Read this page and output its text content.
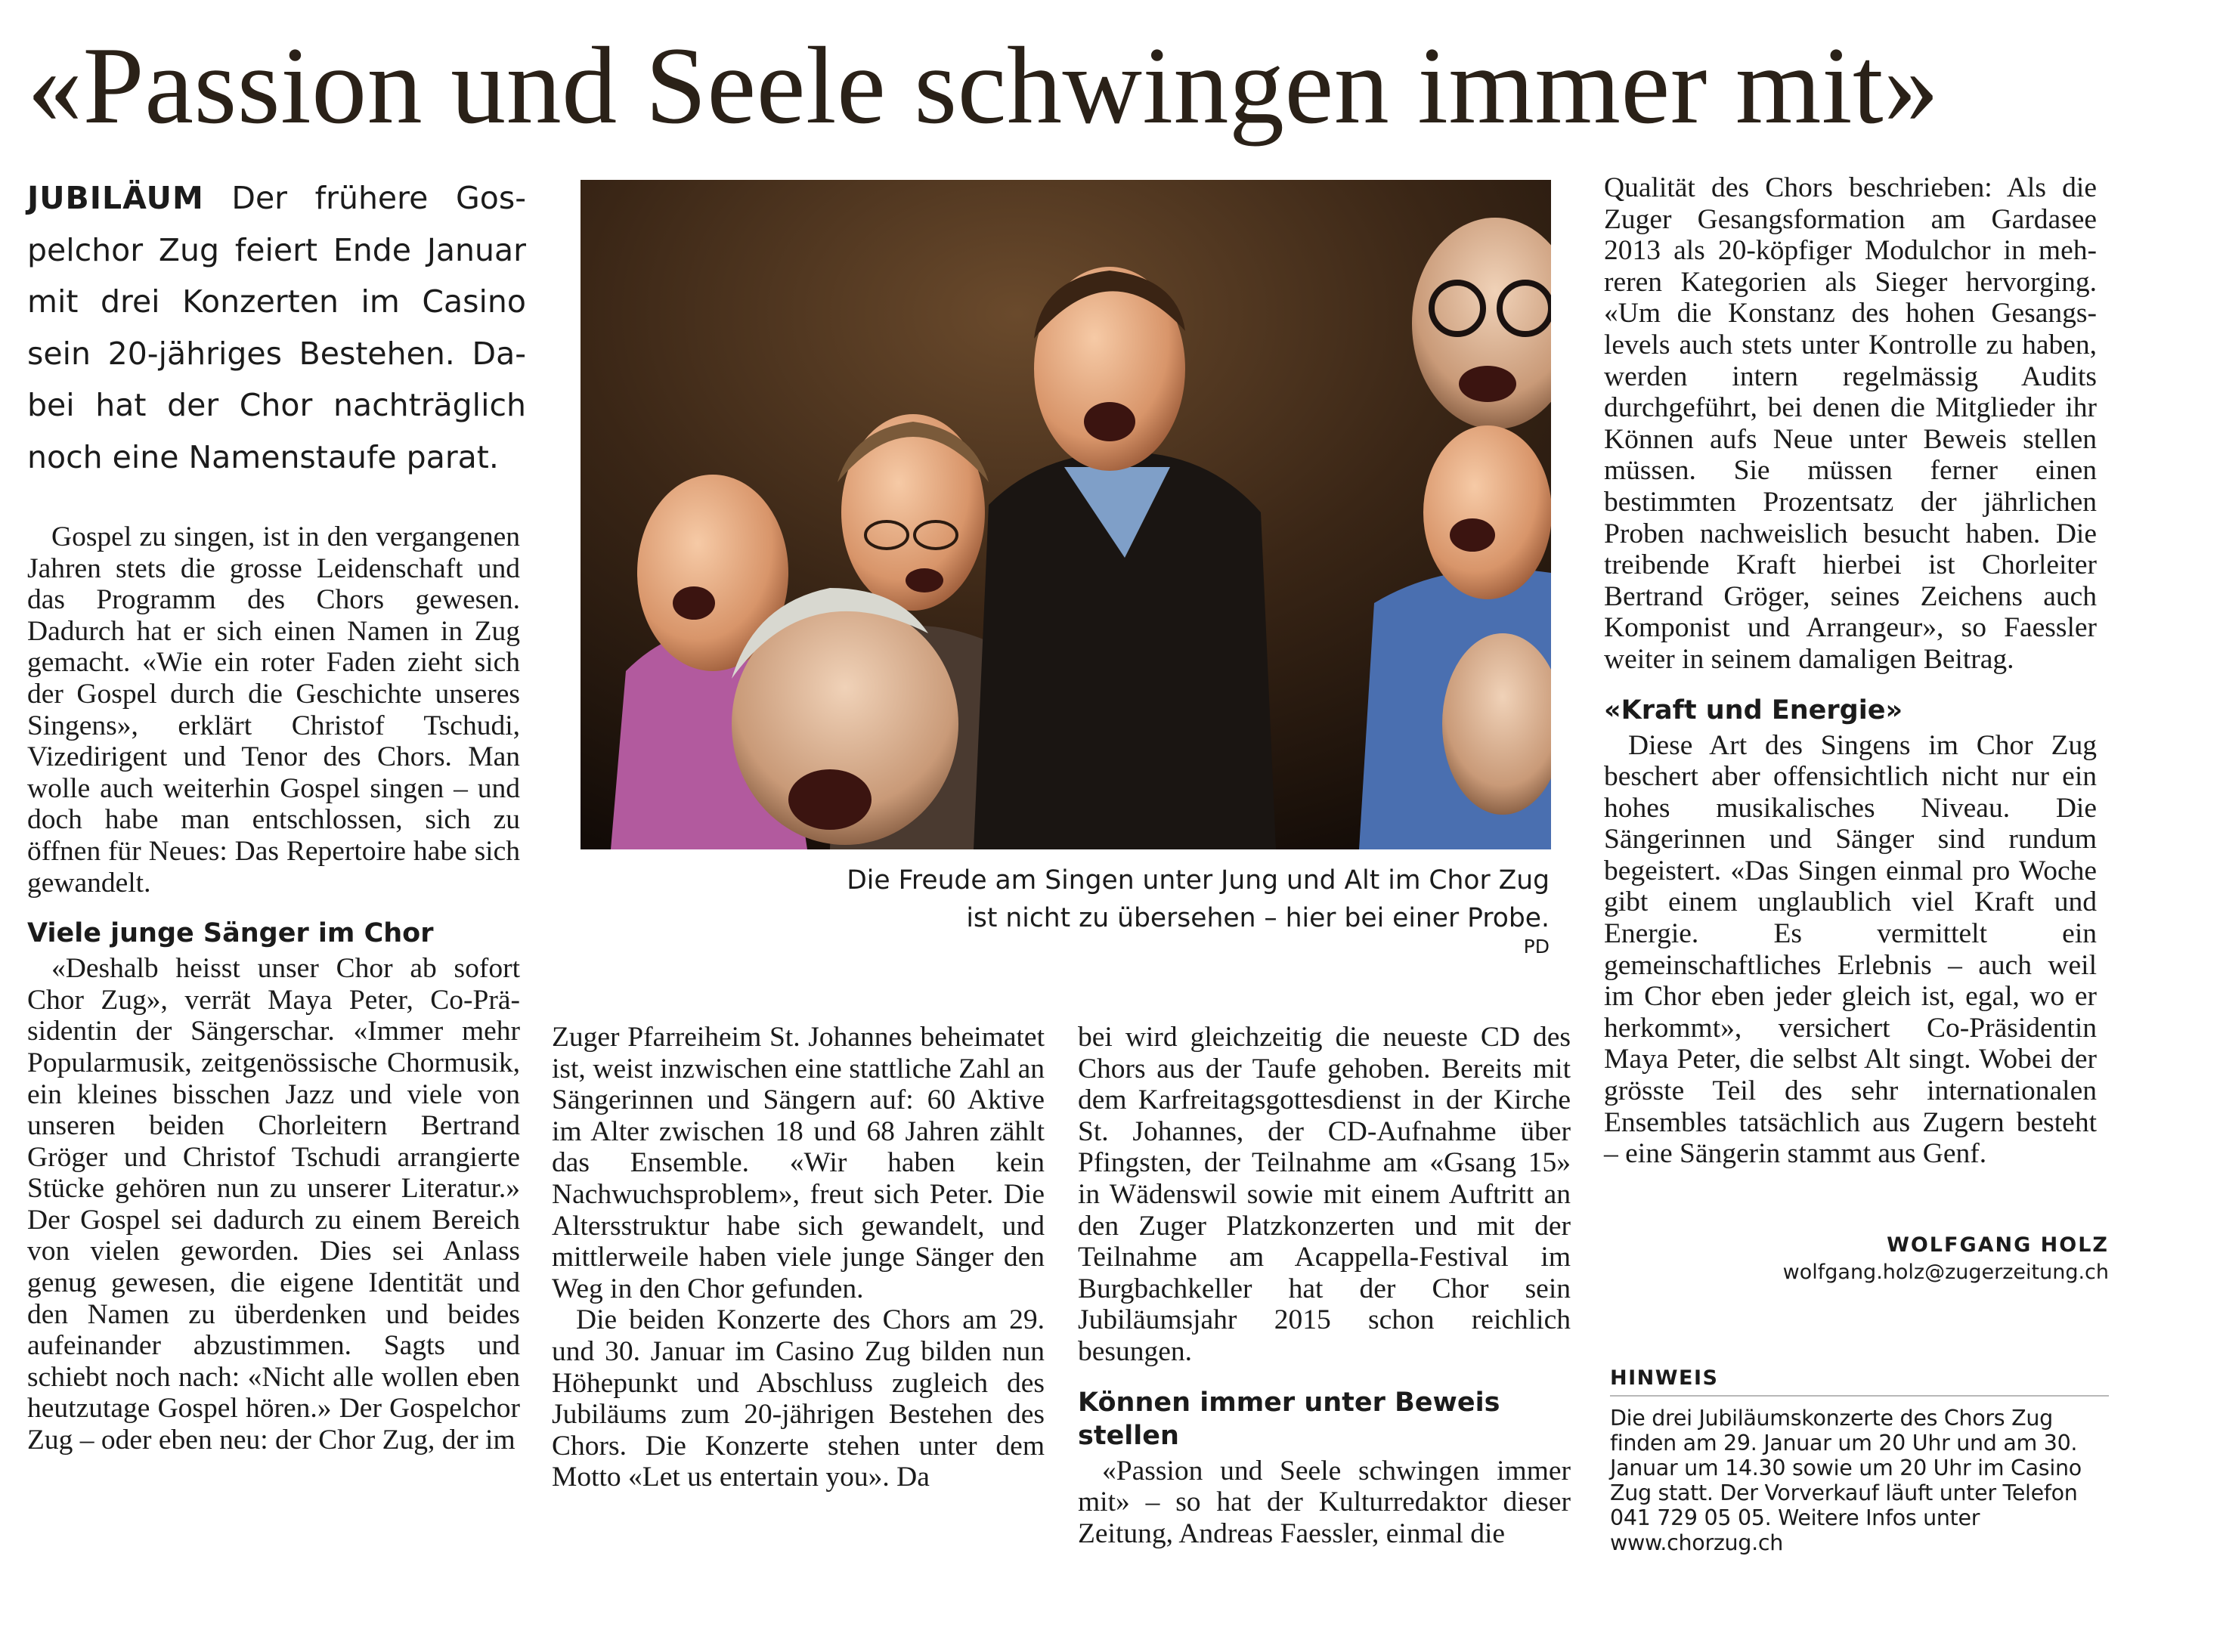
«Passion und Seele schwingen immer mit»
JUBILÄUM Der frühere Gospelchor Zug feiert Ende Januar mit drei Konzerten im Casino sein 20-jähriges Bestehen. Dabei hat der Chor nachträglich noch eine Namenstaufe parat.

Gospel zu singen, ist in den vergangenen Jahren stets die grosse Leidenschaft und das Programm des Chors gewesen. Dadurch hat er sich einen Namen in Zug gemacht. «Wie ein roter Faden zieht sich der Gospel durch die Geschichte unseres Singens», erklärt Christof Tschudi, Vizedirigent und Tenor des Chors. Man wolle auch weiterhin Gospel singen – und doch habe man entschlossen, sich zu öffnen für Neues: Das Repertoire habe sich gewandelt.

Viele junge Sänger im Chor

«Deshalb heisst unser Chor ab sofort Chor Zug», verrät Maya Peter, Co-Präsidentin der Sängerschar. «Immer mehr Popularmusik, zeitgenössische Chormusik, ein kleines bisschen Jazz und viele von unseren beiden Chorleitern Bertrand Gröger und Christof Tschudi arrangierte Stücke gehören nun zu unserer Literatur.» Der Gospel sei dadurch zu einem Bereich von vielen geworden. Dies sei Anlass genug gewesen, die eigene Identität und den Namen zu überdenken und beides aufeinander abzustimmen. Sagts und schiebt noch nach: «Nicht alle wollen eben heutzutage Gospel hören.» Der Gospelchor Zug – oder eben neu: der Chor Zug, der im

Die Freude am Singen unter Jung und Alt im Chor Zug ist nicht zu übersehen – hier bei einer Probe.
PD

Zuger Pfarreiheim St. Johannes beheimatet ist, weist inzwischen eine stattliche Zahl an Sängerinnen und Sängern auf: 60 Aktive im Alter zwischen 18 und 68 Jahren zählt das Ensemble. «Wir haben kein Nachwuchsproblem», freut sich Peter. Die Altersstruktur habe sich gewandelt, und mittlerweile haben viele junge Sänger den Weg in den Chor gefunden.

Die beiden Konzerte des Chors am 29. und 30. Januar im Casino Zug bilden nun Höhepunkt und Abschluss zugleich des Jubiläums zum 20-jährigen Bestehen des Chors. Die Konzerte stehen unter dem Motto «Let us entertain you». Da

bei wird gleichzeitig die neueste CD des Chors aus der Taufe gehoben. Bereits mit dem Karfreitagsgottesdienst in der Kirche St. Johannes, der CD-Aufnahme über Pfingsten, der Teilnahme am «Gsang 15» in Wädenswil sowie mit einem Auftritt an den Zuger Platzkonzerten und mit der Teilnahme am Acappella-Festival im Burgbachkeller hat der Chor sein Jubiläumsjahr 2015 schon reichlich besungen.

Können immer unter Beweis stellen

«Passion und Seele schwingen immer mit» – so hat der Kulturredaktor dieser Zeitung, Andreas Faessler, einmal die

Qualität des Chors beschrieben: Als die Zuger Gesangsformation am Gardasee 2013 als 20-köpfiger Modulchor in mehreren Kategorien als Sieger hervorging. «Um die Konstanz des hohen Gesangslevels auch stets unter Kontrolle zu haben, werden intern regelmässig Audits durchgeführt, bei denen die Mitglieder ihr Können aufs Neue unter Beweis stellen müssen. Sie müssen ferner einen bestimmten Prozentsatz der jährlichen Proben nachweislich besucht haben. Die treibende Kraft hierbei ist Chorleiter Bertrand Gröger, seines Zeichens auch Komponist und Arrangeur», so Faessler weiter in seinem damaligen Beitrag.

«Kraft und Energie»

Diese Art des Singens im Chor Zug beschert aber offensichtlich nicht nur ein hohes musikalisches Niveau. Die Sängerinnen und Sänger sind rundum begeistert. «Das Singen einmal pro Woche gibt einem unglaublich viel Kraft und Energie. Es vermittelt ein gemeinschaftliches Erlebnis – auch weil im Chor eben jeder gleich ist, egal, wo er herkommt», versichert Co-Präsidentin Maya Peter, die selbst Alt singt. Wobei der grösste Teil des sehr internationalen Ensembles tatsächlich aus Zugern besteht – eine Sängerin stammt aus Genf.

WOLFGANG HOLZ
wolfgang.holz@zugerzeitung.ch
HINWEIS
Die drei Jubiläumskonzerte des Chors Zug finden am 29. Januar um 20 Uhr und am 30. Januar um 14.30 sowie um 20 Uhr im Casino Zug statt. Der Vorverkauf läuft unter Telefon 041 729 05 05. Weitere Infos unter www.chorzug.ch
